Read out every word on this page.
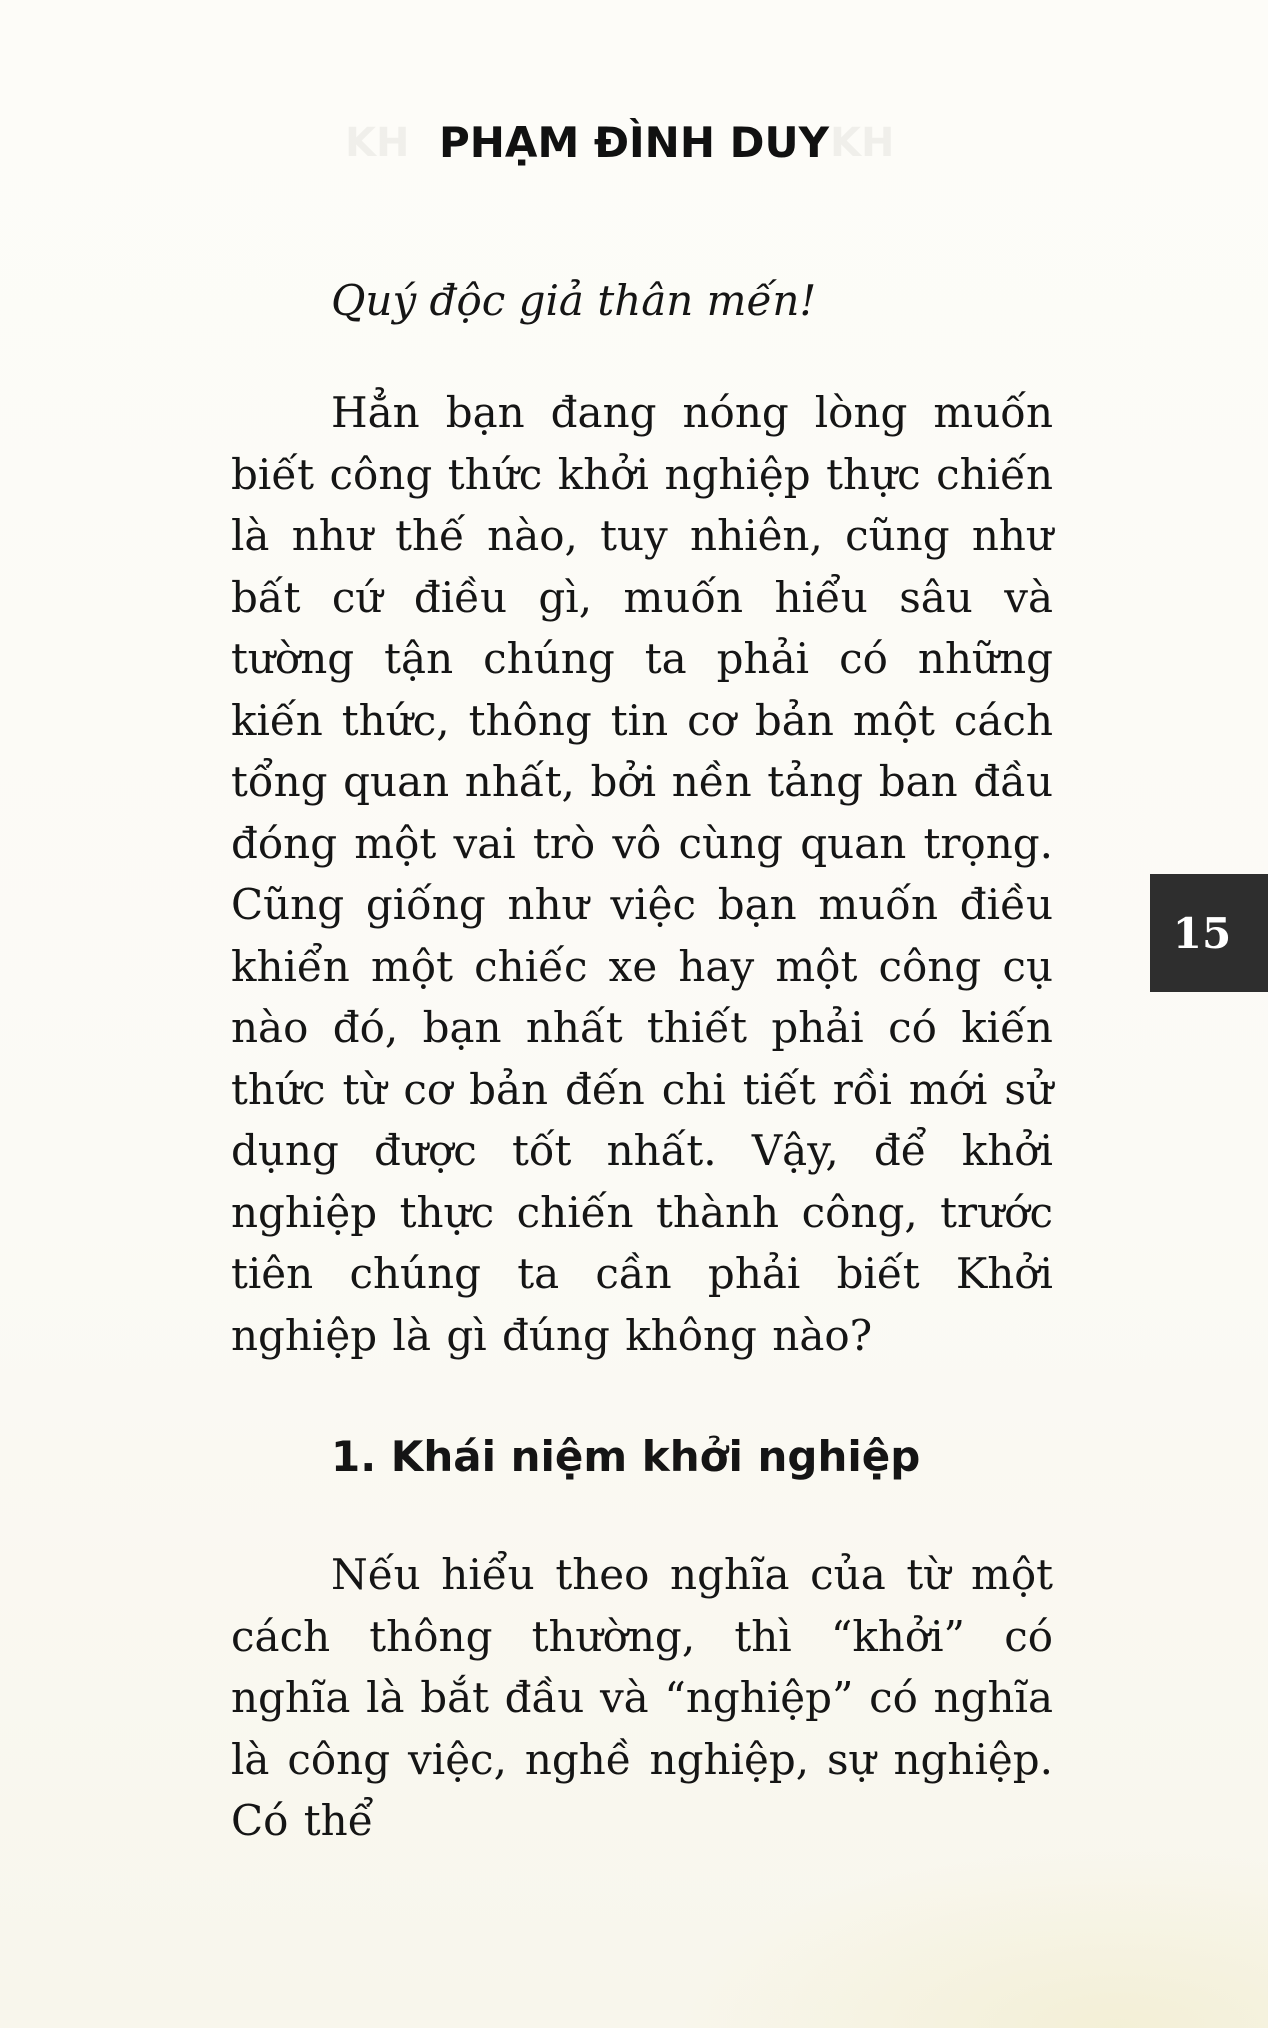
KH	KH
PHẠM ĐÌNH DUY

Quý độc giả thân mến!

Hẳn bạn đang nóng lòng muốn biết công thức khởi nghiệp thực chiến là như thế nào, tuy nhiên, cũng như bất cứ điều gì, muốn hiểu sâu và tường tận chúng ta phải có những kiến thức, thông tin cơ bản một cách tổng quan nhất, bởi nền tảng ban đầu đóng một vai trò vô cùng quan trọng. Cũng giống như việc bạn muốn điều khiển một chiếc xe hay một công cụ nào đó, bạn nhất thiết phải có kiến thức từ cơ bản đến chi tiết rồi mới sử dụng được tốt nhất. Vậy, để khởi nghiệp thực chiến thành công, trước tiên chúng ta cần phải biết Khởi nghiệp là gì đúng không nào?

1. Khái niệm khởi nghiệp

Nếu hiểu theo nghĩa của từ một cách thông thường, thì “khởi” có nghĩa là bắt đầu và “nghiệp” có nghĩa là công việc, nghề nghiệp, sự nghiệp. Có thể

15
